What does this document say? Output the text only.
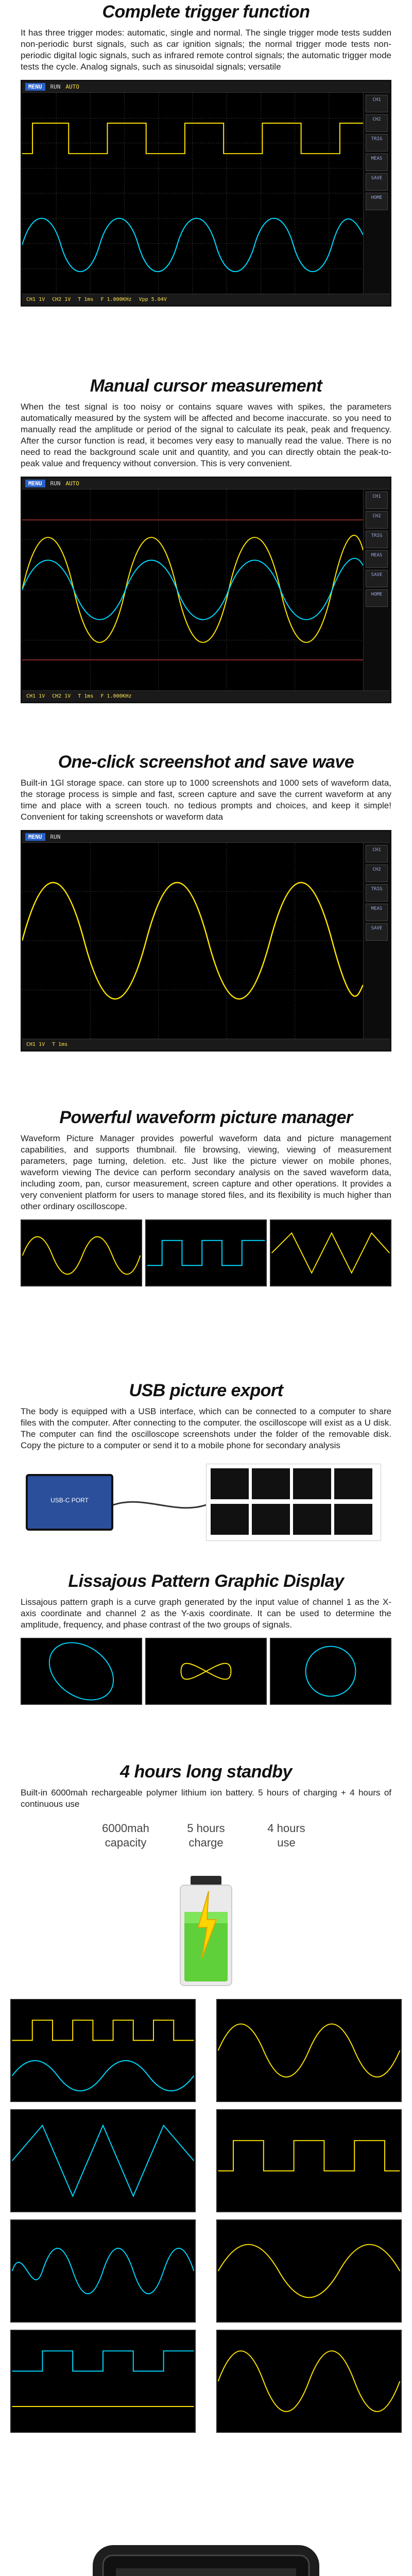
Complete trigger function
It has three trigger modes: automatic, single and normal. The single trigger mode tests sudden non-periodic burst signals, such as car ignition signals; the normal trigger mode tests non-periodic digital logic signals, such as infrared remote control signals; the automatic trigger mode tests the cycle. Analog signals, such as sinusoidal signals; versatile
MENU	RUN AUTO
CH1
CH2
TRIG
MEAS
SAVE
HOME
CH1 1V CH2 1V T 1ms F 1.000KHz Vpp 5.04V
Manual cursor measurement
When the test signal is too noisy or contains square waves with spikes, the parameters automatically measured by the system will be affected and become inaccurate. so you need to manually read the amplitude or period of the signal to calculate its peak, peak and frequency. After the cursor function is read, it becomes very easy to manually read the value. There is no need to read the background scale unit and quantity, and you can directly obtain the peak-to-peak value and frequency without conversion. This is very convenient.
MENU	RUN AUTO
CH1
CH2
TRIG
MEAS
SAVE
HOME
CH1 1V CH2 1V T 1ms F 1.000KHz
One-click screenshot and save wave
Built-in 1Gl storage space. can store up to 1000 screenshots and 1000 sets of waveform data, the storage process is simple and fast, screen capture and save the current waveform at any time and place with a screen touch. no tedious prompts and choices, and keep it simple! Convenient for taking screenshots or waveform data
MENU	RUN
CH1
CH2
TRIG
MEAS
SAVE
CH1 1V T 1ms
Powerful waveform picture manager
Waveform Picture Manager provides powerful waveform data and picture management capabilities, and supports thumbnail. file browsing, viewing, viewing of measurement parameters, page turning, deletion. etc. Just like the picture viewer on mobile phones, waveform viewing The device can perform secondary analysis on the saved waveform data, including zoom, pan, cursor measurement, screen capture and other operations. It provides a very convenient platform for users to manage stored files, and its flexibility is much higher than other ordinary oscilloscope.
USB picture export
The body is equipped with a USB interface, which can be connected to a computer to share files with the computer. After connecting to the computer. the oscilloscope will exist as a U disk. The computer can find the oscilloscope screenshots under the folder of the removable disk. Copy the picture to a computer or send it to a mobile phone for secondary analysis
USB-C PORT
Lissajous Pattern Graphic Display
Lissajous pattern graph is a curve graph generated by the input value of channel 1 as the X-axis coordinate and channel 2 as the Y-axis coordinate. It can be used to determine the amplitude, frequency, and phase contrast of the two groups of signals.
4 hours long standby
Built-in 6000mah rechargeable polymer lithium ion battery. 5 hours of charging + 4 hours of continuous use
6000mah
capacity
5 hours
charge
4 hours
use
